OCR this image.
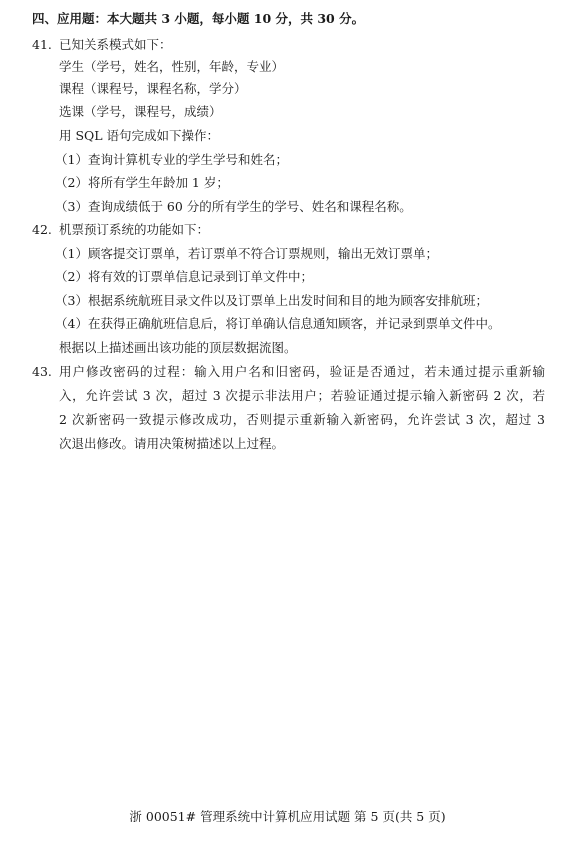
四、应用题：本大题共 3 小题，每小题 10 分，共 30 分。
41. 已知关系模式如下：
学生（学号，姓名，性别，年龄，专业）
课程（课程号，课程名称，学分）
选课（学号，课程号，成绩）
用 SQL 语句完成如下操作：
（1）查询计算机专业的学生学号和姓名；
（2）将所有学生年龄加 1 岁；
（3）查询成绩低于 60 分的所有学生的学号、姓名和课程名称。
42. 机票预订系统的功能如下：
（1）顾客提交订票单，若订票单不符合订票规则，输出无效订票单；
（2）将有效的订票单信息记录到订单文件中；
（3）根据系统航班目录文件以及订票单上出发时间和目的地为顾客安排航班；
（4）在获得正确航班信息后，将订单确认信息通知顾客，并记录到票单文件中。
根据以上描述画出该功能的顶层数据流图。
43. 用户修改密码的过程：输入用户名和旧密码，验证是否通过，若未通过提示重新输
入，允许尝试 3 次，超过 3 次提示非法用户；若验证通过提示输入新密码 2 次，若
2 次新密码一致提示修改成功，否则提示重新输入新密码，允许尝试 3 次，超过 3
次退出修改。请用决策树描述以上过程。
浙 00051# 管理系统中计算机应用试题 第 5 页(共 5 页)
